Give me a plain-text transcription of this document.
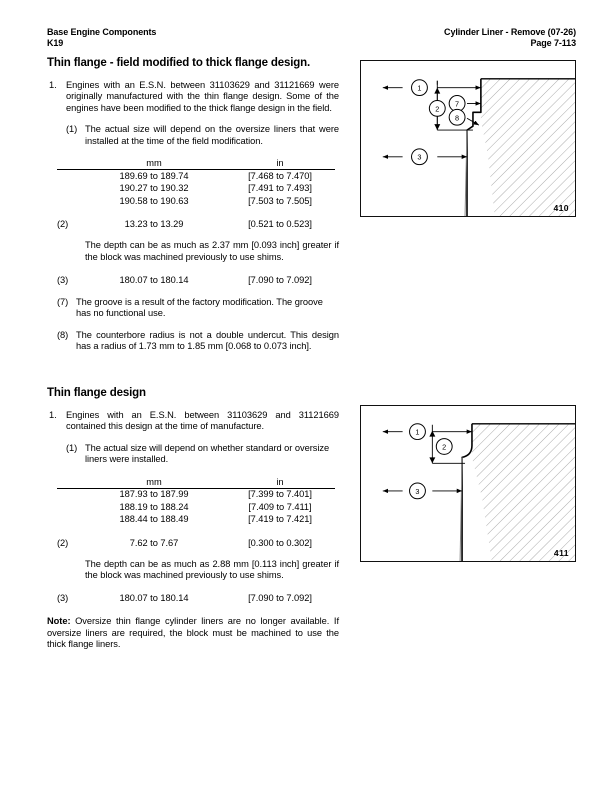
Base Engine Components
K19
Cylinder Liner - Remove (07-26)
Page 7-113
Thin flange - field modified to thick flange design.
1. Engines with an E.S.N. between 31103629 and 31121669 were originally manufactured with the thin flange design. Some of the engines have been modified to the thick flange design in the field.
(1) The actual size will depend on the oversize liners that were installed at the time of the field modification.
mm	in
189.69 to 189.74	[7.468 to 7.470]
190.27 to 190.32	[7.491 to 7.493]
190.58 to 190.63	[7.503 to 7.505]
(2)	13.23 to 13.29	[0.521 to 0.523]
The depth can be as much as 2.37 mm [0.093 inch] greater if the block was machined previously to use shims.
(3)	180.07 to 180.14	[7.090 to 7.092]
(7) The groove is a result of the factory modification. The groove has no functional use.
(8) The counterbore radius is not a double undercut. This design has a radius of 1.73 mm to 1.85 mm [0.068 to 0.073 inch].
Thin flange design
1. Engines with an E.S.N. between 31103629 and 31121669 contained this design at the time of manufacture.
(1) The actual size will depend on whether standard or oversize liners were installed.
mm	in
187.93 to 187.99	[7.399 to 7.401]
188.19 to 188.24	[7.409 to 7.411]
188.44 to 188.49	[7.419 to 7.421]
(2)	7.62 to 7.67	[0.300 to 0.302]
The depth can be as much as 2.88 mm [0.113 inch] greater if the block was machined previously to use shims.
(3)	180.07 to 180.14	[7.090 to 7.092]
Note: Oversize thin flange cylinder liners are no longer available. If oversize liners are required, the block must be machined to use the thick flange liners.
1
2
7
8
3
410
1
2
3
411
